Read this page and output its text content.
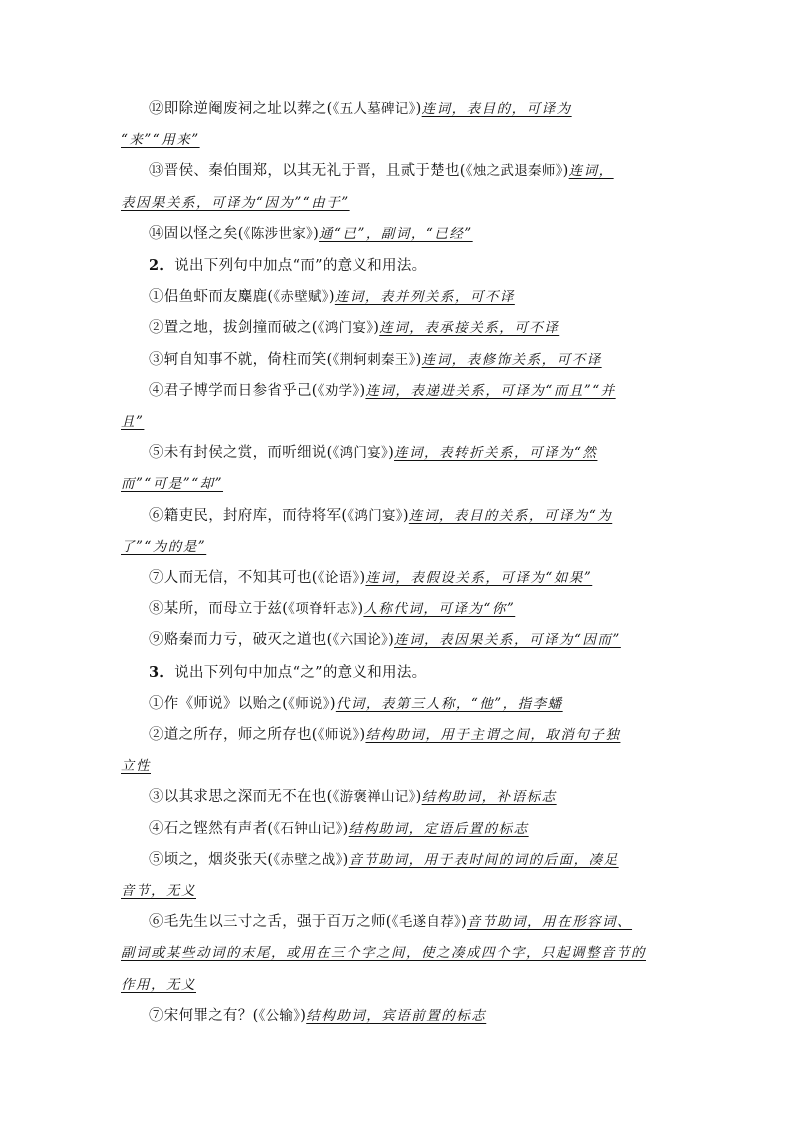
⑫即除逆阉废祠之址以葬之(《五人墓碑记》)连词，表目的，可译为
“来”“用来”
⑬晋侯、秦伯围郑，以其无礼于晋，且贰于楚也(《烛之武退秦师》)连词，
表因果关系，可译为“因为”“由于”
⑭固以怪之矣(《陈涉世家》)通“已”，副词，“已经”
2．说出下列句中加点“而”的意义和用法。
①侣鱼虾而友麋鹿(《赤壁赋》)连词，表并列关系，可不译
②置之地，拔剑撞而破之(《鸿门宴》)连词，表承接关系，可不译
③轲自知事不就，倚柱而笑(《荆轲刺秦王》)连词，表修饰关系，可不译
④君子博学而日参省乎己(《劝学》)连词，表递进关系，可译为“而且”“并
且”
⑤未有封侯之赏，而听细说(《鸿门宴》)连词，表转折关系，可译为“然
而”“可是”“却”
⑥籍吏民，封府库，而待将军(《鸿门宴》)连词，表目的关系，可译为“为
了”“为的是”
⑦人而无信，不知其可也(《论语》)连词，表假设关系，可译为“如果”
⑧某所，而母立于兹(《项脊轩志》)人称代词，可译为“你”
⑨赂秦而力亏，破灭之道也(《六国论》)连词，表因果关系，可译为“因而”
3．说出下列句中加点“之”的意义和用法。
①作《师说》以贻之(《师说》)代词，表第三人称，“他”，指李蟠
②道之所存，师之所存也(《师说》)结构助词，用于主谓之间，取消句子独
立性
③以其求思之深而无不在也(《游褒禅山记》)结构助词，补语标志
④石之铿然有声者(《石钟山记》)结构助词，定语后置的标志
⑤顷之，烟炎张天(《赤壁之战》)音节助词，用于表时间的词的后面，凑足
音节，无义
⑥毛先生以三寸之舌，强于百万之师(《毛遂自荐》)音节助词，用在形容词、
副词或某些动词的末尾，或用在三个字之间，使之凑成四个字，只起调整音节的
作用，无义
⑦宋何罪之有？(《公输》)结构助词，宾语前置的标志
